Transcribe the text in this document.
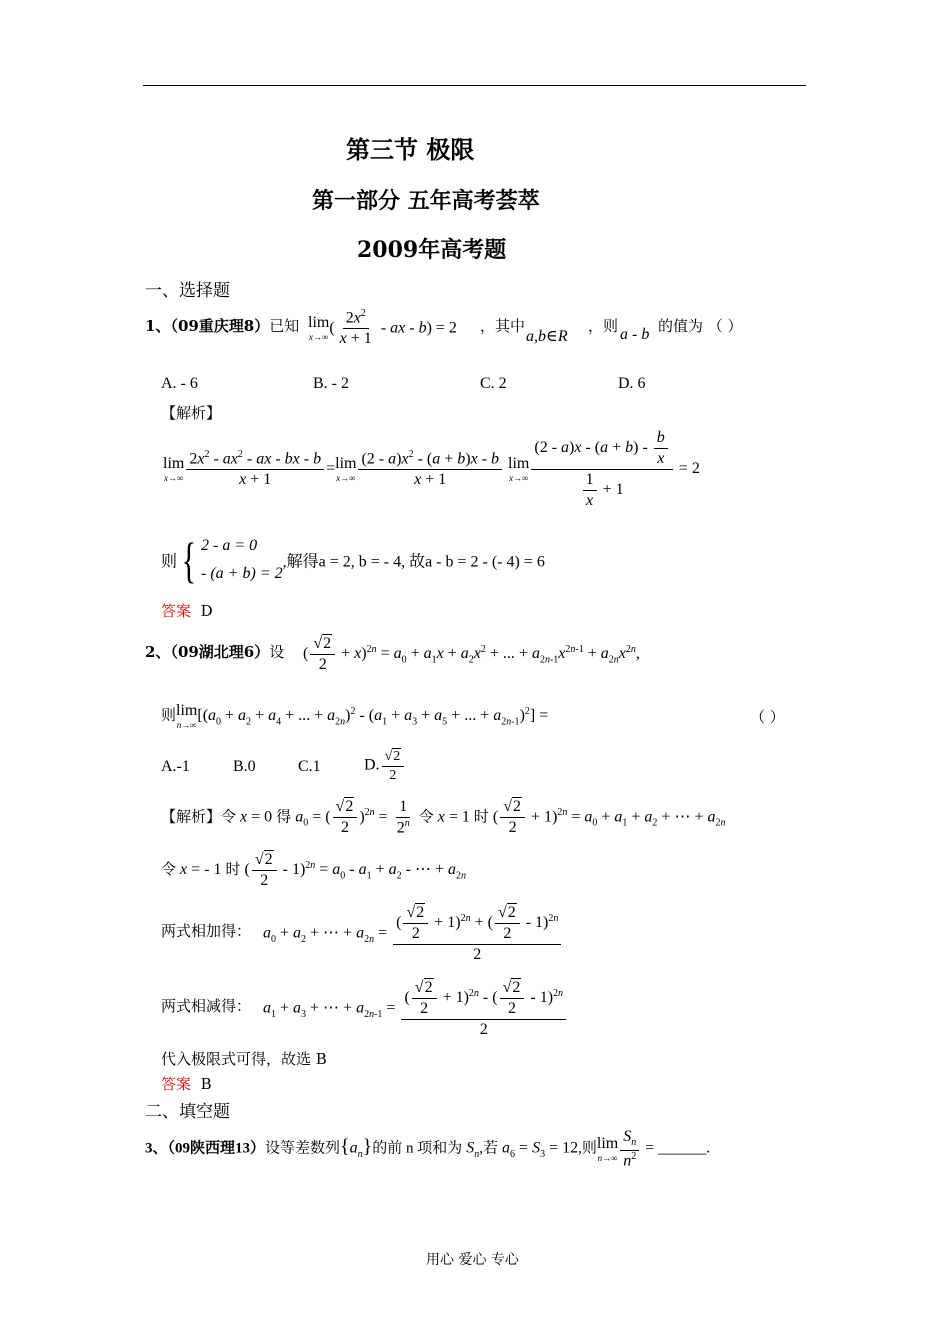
第三节 极限
第一部分 五年高考荟萃
2009年高考题
一、选择题
1、（09重庆理8）已知 lim
x→∞
( $\frac{2x^2}{x + 1}$ - ax - b) = 2 ，其中
a,b∈R
，则 a - b 的值为 （ ）
A. - 6	B. - 2	C. 2	D. 6
【解析】
lim
$x\to\infty \frac{2x^2 - ax^2 - ax - bx - b}{x + 1} = \lim$
$x\to\infty \frac{(2 - a)x^2 - (a + b)x - b}{x + 1}$
lim
$x\to\infty \frac{(2 - a)x - (a + b) - \frac{b}{x}}{\frac{1}{x} + 1} = 2$
则{ 2 - a = 0
- (a + b) = 2
,解得a = 2, b = - 4, 故a - b = 2 - (- 4) = 6
答案 D
2、（09湖北理6）设 ( $\frac{√2}{2} + x)^{2n} = a_0 + a_1x + a_2x^2$ + ... + $a_{2n-1}x^{2n-1} + a_{2n}x^{2n}$,
则 lim
n→∞
[($a_0 + a_2 + a_4$ + ... + $a_{2n})^2 - (a_1 + a_3 + a_5$ + ... + $a_{2n-1})^2$] =	（ ）
A.-1	B.0	C.1	D. $\frac{√2}{2}$
【解析】令 x = 0 得 $a_0$ = ( $\frac{√2}{2} )^{2n} = \frac{1}{2^n}$ 令 x = 1 时 ( $\frac{√2}{2} + 1)^{2n} = a_0 + a_1 + a_2$ + ⋯ + $a_{2n}$
令 x = - 1 时 ( $\frac{√2}{2} - 1)^{2n} = a_0 - a_1 + a_2$ - ⋯ + $a_{2n}$
两式相加得： $a_0 + a_2$ + ⋯ + $a_{2n} = \frac{( \frac{√2}{2} + 1)^{2n} + ( \frac{√2}{2} - 1)^{2n}}{2}$
两式相减得： $a_1 + a_3$ + ⋯ + $a_{2n-1} = \frac{( \frac{√2}{2} + 1)^{2n} - ( \frac{√2}{2} - 1)^{2n}}{2}$
代入极限式可得，故选 B
答案 B
二、填空题
3、（09陕西理13）设等差数列$\{a_n\}$的前 n 项和为 $S_n$,若 $a_6 = S_3 = 12$,则 lim
$n\to\infty \frac{S_n}{n^2}$ = ______.
用心 爱心 专心
